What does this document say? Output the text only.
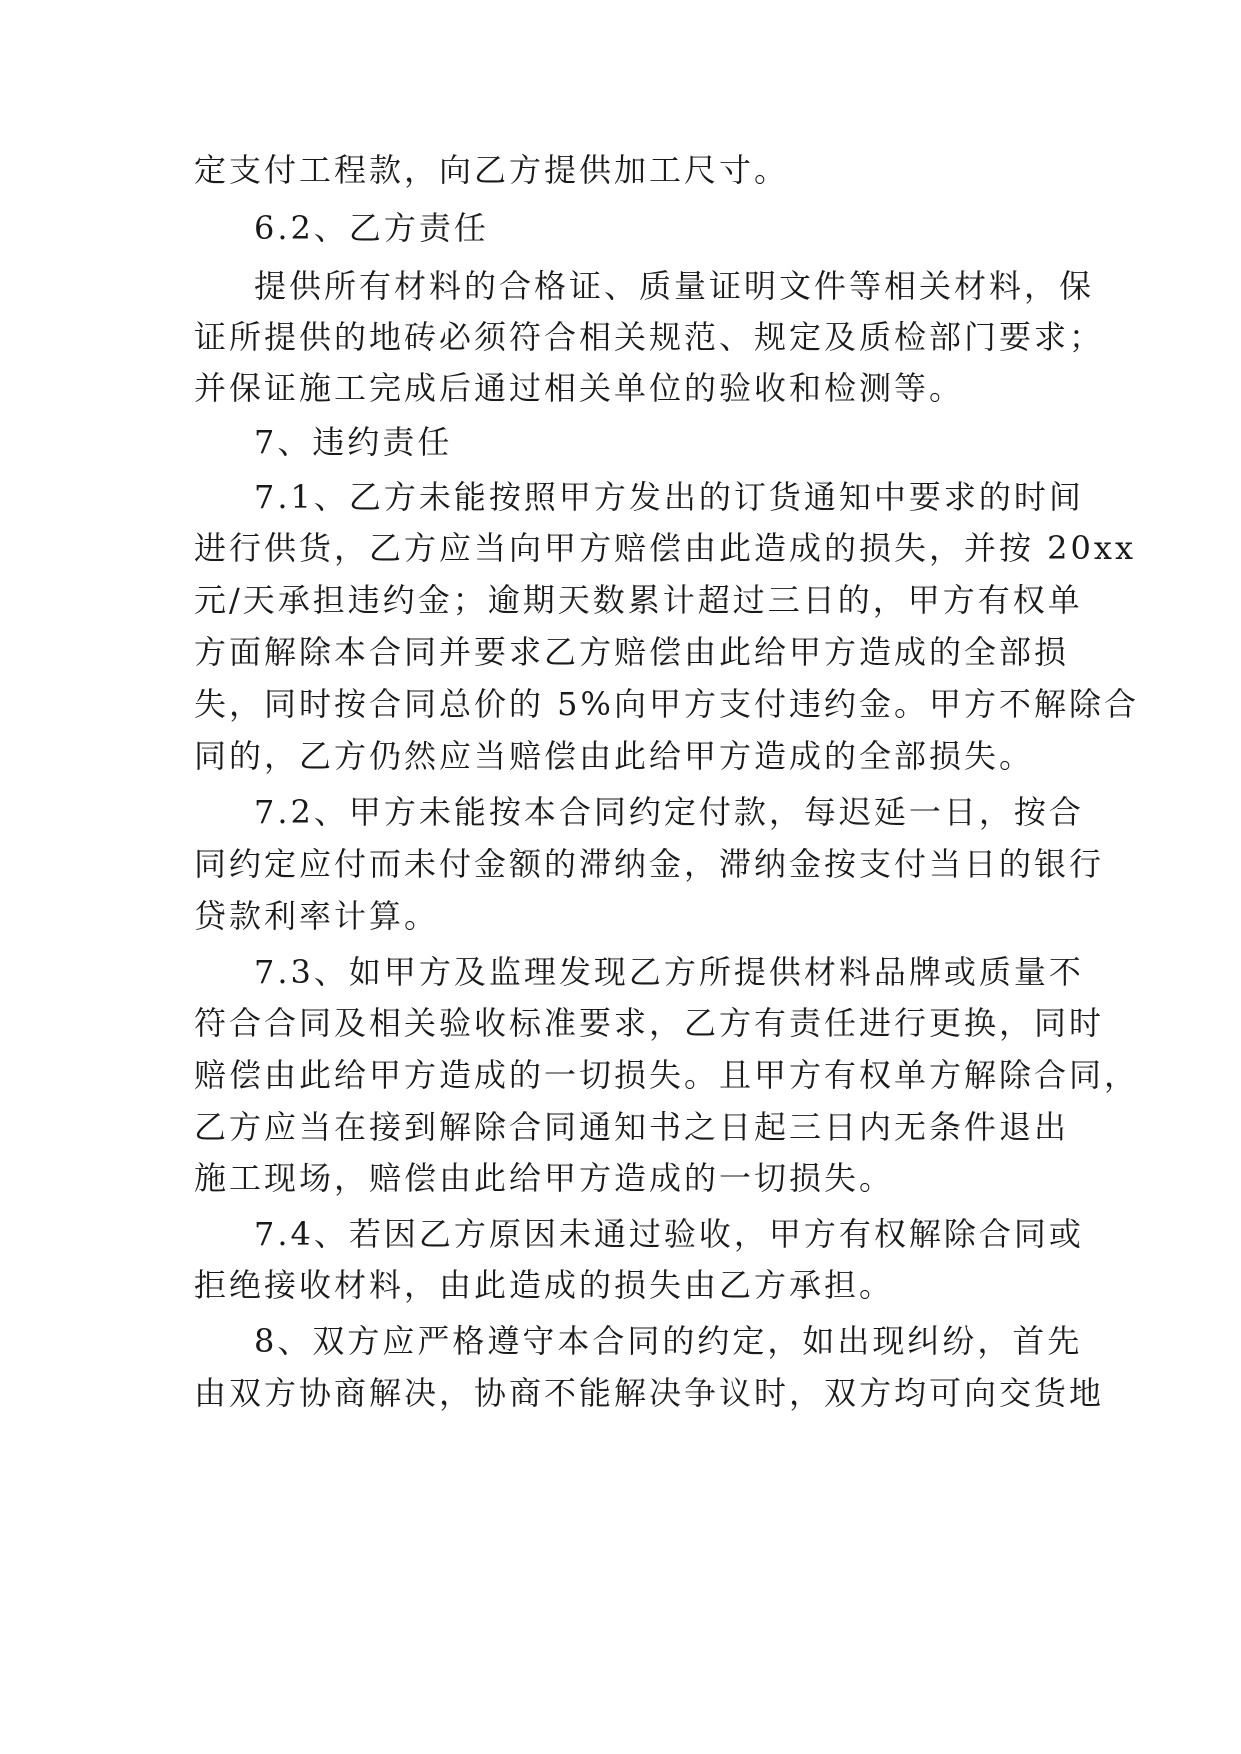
定支付工程款，向乙方提供加工尺寸。
6.2、乙方责任
提供所有材料的合格证、质量证明文件等相关材料，保
证所提供的地砖必须符合相关规范、规定及质检部门要求；
并保证施工完成后通过相关单位的验收和检测等。
7、违约责任
7.1、乙方未能按照甲方发出的订货通知中要求的时间
进行供货，乙方应当向甲方赔偿由此造成的损失，并按 20xx
元/天承担违约金；逾期天数累计超过三日的，甲方有权单
方面解除本合同并要求乙方赔偿由此给甲方造成的全部损
失，同时按合同总价的 5%向甲方支付违约金。甲方不解除合
同的，乙方仍然应当赔偿由此给甲方造成的全部损失。
7.2、甲方未能按本合同约定付款，每迟延一日，按合
同约定应付而未付金额的滞纳金，滞纳金按支付当日的银行
贷款利率计算。
7.3、如甲方及监理发现乙方所提供材料品牌或质量不
符合合同及相关验收标准要求，乙方有责任进行更换，同时
赔偿由此给甲方造成的一切损失。且甲方有权单方解除合同，
乙方应当在接到解除合同通知书之日起三日内无条件退出
施工现场，赔偿由此给甲方造成的一切损失。
7.4、若因乙方原因未通过验收，甲方有权解除合同或
拒绝接收材料，由此造成的损失由乙方承担。
8、双方应严格遵守本合同的约定，如出现纠纷，首先
由双方协商解决，协商不能解决争议时，双方均可向交货地
